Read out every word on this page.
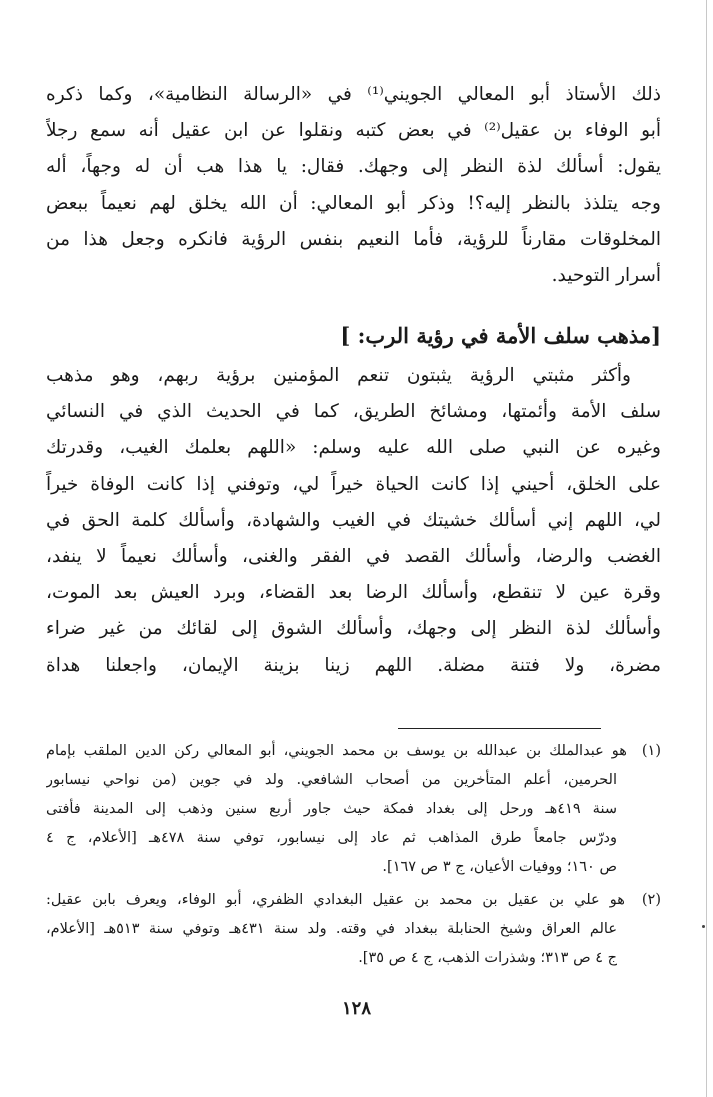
ذلك الأستاذ أبو المعالي الجويني⁽¹⁾ في «الرسالة النظامية»، وكما ذكره
أبو الوفاء بن عقيل⁽²⁾ في بعض كتبه ونقلوا عن ابن عقيل أنه سمع رجلاً
يقول: أسألك لذة النظر إلى وجهك. فقال: يا هذا هب أن له وجهاً، أله
وجه يتلذذ بالنظر إليه؟! وذكر أبو المعالي: أن الله يخلق لهم نعيماً ببعض
المخلوقات مقارناً للرؤية، فأما النعيم بنفس الرؤية فانكره وجعل هذا من
أسرار التوحيد.
[مذهب سلف الأمة في رؤية الرب: ]
وأكثر مثبتي الرؤية يثبتون تنعم المؤمنين برؤية ربهم، وهو مذهب
سلف الأمة وأئمتها، ومشائخ الطريق، كما في الحديث الذي في النسائي
وغيره عن النبي صلى الله عليه وسلم: «اللهم بعلمك الغيب، وقدرتك
على الخلق، أحيني إذا كانت الحياة خيراً لي، وتوفني إذا كانت الوفاة خيراً
لي، اللهم إني أسألك خشيتك في الغيب والشهادة، وأسألك كلمة الحق في
الغضب والرضا، وأسألك القصد في الفقر والغنى، وأسألك نعيماً لا ينفد،
وقرة عين لا تنقطع، وأسألك الرضا بعد القضاء، وبرد العيش بعد الموت،
وأسألك لذة النظر إلى وجهك، وأسألك الشوق إلى لقائك من غير ضراء
مضرة، ولا فتنة مضلة. اللهم زينا بزينة الإيمان، واجعلنا هداة
(١) هو عبدالملك بن عبدالله بن يوسف بن محمد الجويني، أبو المعالي ركن الدين الملقب بإمام
الحرمين، أعلم المتأخرين من أصحاب الشافعي. ولد في جوين (من نواحي نيسابور
سنة ٤١٩هـ ورحل إلى بغداد فمكة حيث جاور أربع سنين وذهب إلى المدينة فأفتى
ودرّس جامعاً طرق المذاهب ثم عاد إلى نيسابور، توفي سنة ٤٧٨هـ [الأعلام، ج ٤
ص ١٦٠؛ ووفيات الأعيان، ج ٣ ص ١٦٧].
(٢) هو علي بن عقيل بن محمد بن عقيل البغدادي الظفري، أبو الوفاء، ويعرف بابن عقيل:
عالم العراق وشيخ الحنابلة ببغداد في وقته. ولد سنة ٤٣١هـ وتوفي سنة ٥١٣هـ [الأعلام،
ج ٤ ص ٣١٣؛ وشذرات الذهب، ج ٤ ص ٣٥].
١٢٨
